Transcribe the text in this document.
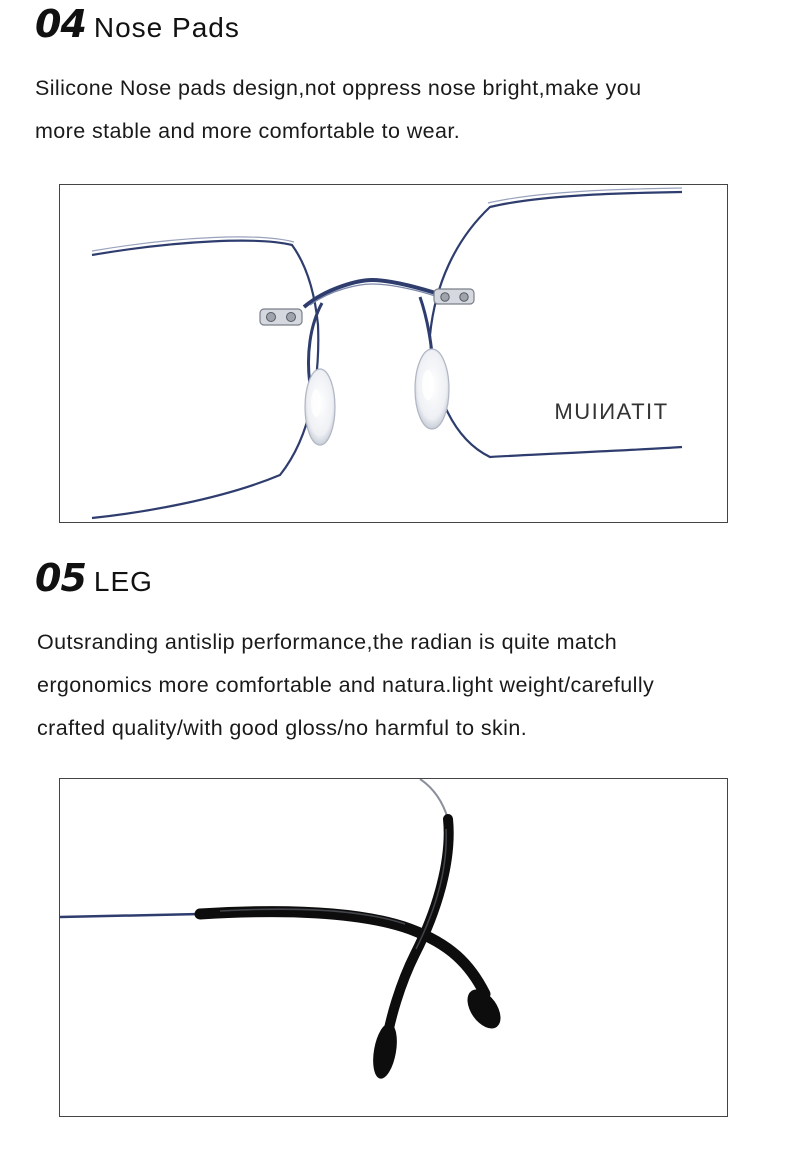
04 Nose Pads
Silicone Nose pads design,not oppress nose bright,make you
more stable and more comfortable to wear.
TITANIUM
05 LEG
Outsranding antislip performance,the radian is quite match
ergonomics more comfortable and natura.light weight/carefully
crafted quality/with good gloss/no harmful to skin.
